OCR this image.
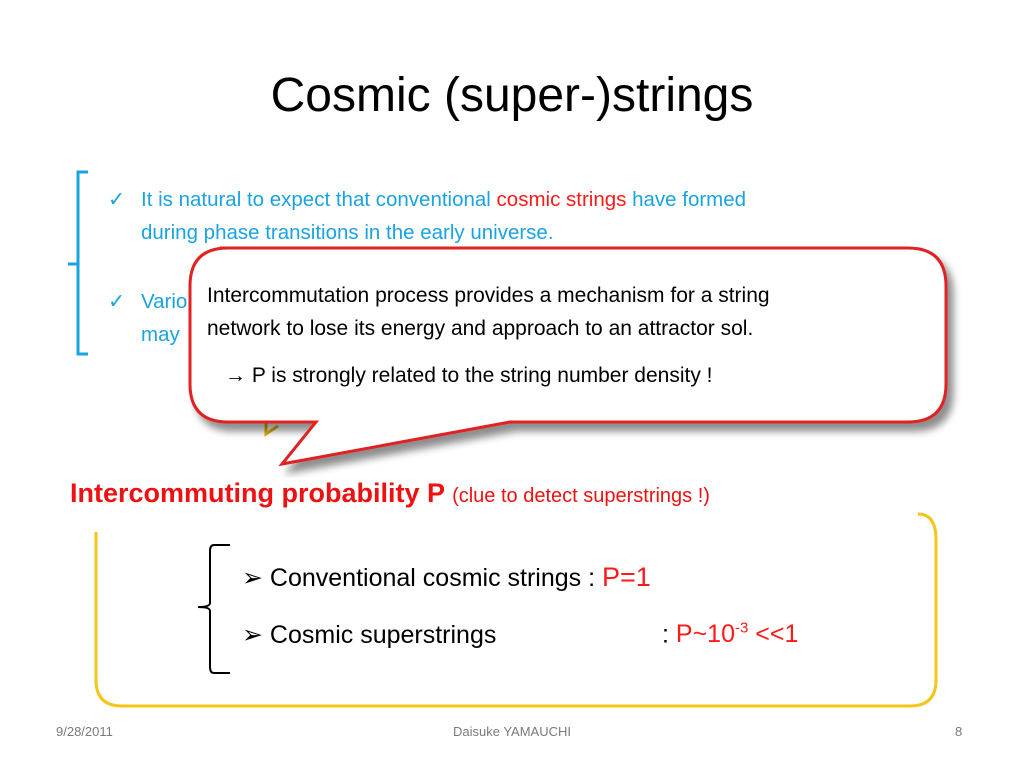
Cosmic (super-)strings
✓ It is natural to expect that conventional cosmic strings have formed
during phase transitions in the early universe.
✓ Vario
may
Intercommutation process provides a mechanism for a string
network to lose its energy and approach to an attractor sol.
→ P is strongly related to the string number density !
Intercommuting probability P (clue to detect superstrings !)
➢ Conventional cosmic strings : P=1
➢ Cosmic superstrings	: $P\sim 10^{-3} <<1$
9/28/2011	Daisuke YAMAUCHI	8
